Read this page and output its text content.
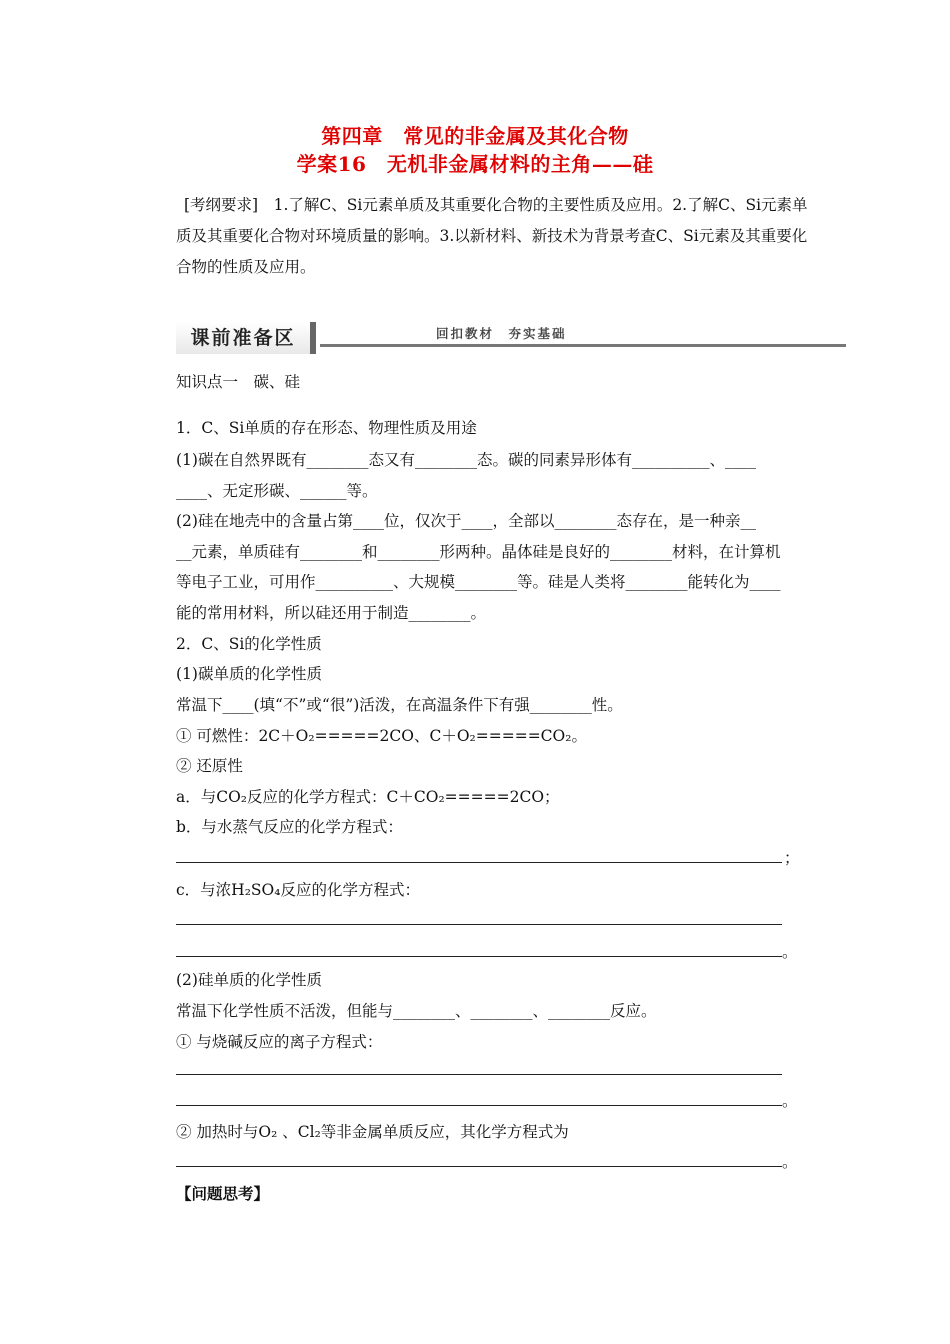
第四章　常见的非金属及其化合物
学案16　无机非金属材料的主角——硅
[考纲要求]　1.了解C、Si元素单质及其重要化合物的主要性质及应用。2.了解C、Si元素单质及其重要化合物对环境质量的影响。3.以新材料、新技术为背景考查C、Si元素及其重要化合物的性质及应用。
课前准备区	回扣教材　夯实基础
知识点一　碳、硅
1．C、Si单质的存在形态、物理性质及用途
(1)碳在自然界既有________态又有________态。碳的同素异形体有__________、____
____、无定形碳、______等。
(2)硅在地壳中的含量占第____位，仅次于____，全部以________态存在，是一种亲__
__元素，单质硅有________和________形两种。晶体硅是良好的________材料，在计算机
等电子工业，可用作__________、大规模________等。硅是人类将________能转化为____
能的常用材料，所以硅还用于制造________。
2．C、Si的化学性质
(1)碳单质的化学性质
常温下____(填“不”或“很”)活泼，在高温条件下有强________性。
① 可燃性：2C＋O₂=====2CO、C＋O₂=====CO₂。
② 还原性
a．与CO₂反应的化学方程式：C＋CO₂=====2CO；
b．与水蒸气反应的化学方程式：
；
c．与浓H₂SO₄反应的化学方程式：
。
(2)硅单质的化学性质
常温下化学性质不活泼，但能与________、________、________反应。
① 与烧碱反应的离子方程式：
。
② 加热时与O₂ 、Cl₂等非金属单质反应，其化学方程式为
。
【问题思考】
